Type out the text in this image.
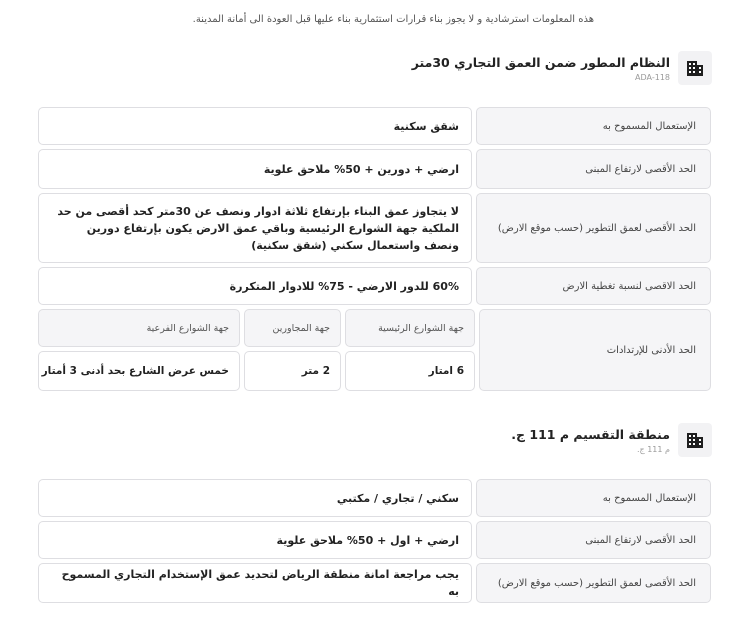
هذه المعلومات استرشادية و لا يجوز بناء قرارات استثمارية بناء عليها قبل العودة الى أمانة المدينة.
النظام المطور ضمن العمق التجاري 30متر
ADA-118
الإستعمال المسموح به
شقق سكنية
الحد الأقصى لارتفاع المبنى
ارضي + دورين + 50% ملاحق علوية
الحد الأقصى لعمق التطوير (حسب موقع الارض)
لا يتجاوز عمق البناء بإرتفاع ثلاثة ادوار ونصف عن 30متر كحد أقصى من حد الملكية جهة الشوارع الرئيسية وباقي عمق الارض يكون بإرتفاع دورين ونصف واستعمال سكني (شقق سكنية)
الحد الاقصى لنسبة تغطية الارض
60% للدور الارضي - 75% للادوار المتكررة
الحد الأدنى للإرتدادات
جهة الشوارع الرئيسية
جهة المجاورين
جهة الشوارع الفرعية
6 امتار
2 متر
خمس عرض الشارع بحد أدنى 3 أمتار
منطقة التقسيم م 111 ج.
م 111 ج.
الإستعمال المسموح به
سكني / تجاري / مكتبي
الحد الأقصى لارتفاع المبنى
ارضي + اول + 50% ملاحق علوية
الحد الأقصى لعمق التطوير (حسب موقع الارض)
يجب مراجعة امانة منطقة الرياض لتحديد عمق الإستخدام التجاري المسموح به
